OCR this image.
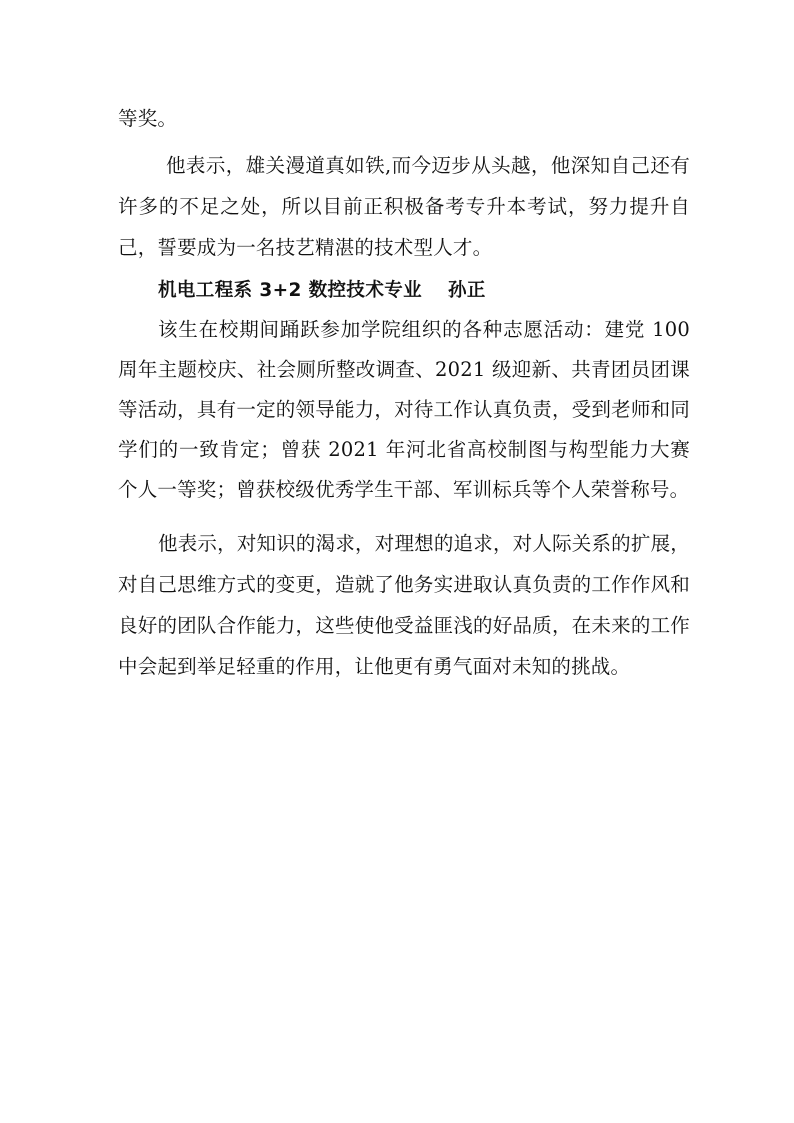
等奖。

他表示，雄关漫道真如铁,而今迈步从头越，他深知自己还有许多的不足之处，所以目前正积极备考专升本考试，努力提升自己，誓要成为一名技艺精湛的技术型人才。

机电工程系 3+2 数控技术专业 孙正

该生在校期间踊跃参加学院组织的各种志愿活动：建党 100 周年主题校庆、社会厕所整改调查、2021 级迎新、共青团员团课等活动，具有一定的领导能力，对待工作认真负责，受到老师和同学们的一致肯定；曾获 2021 年河北省高校制图与构型能力大赛个人一等奖；曾获校级优秀学生干部、军训标兵等个人荣誉称号。

他表示，对知识的渴求，对理想的追求，对人际关系的扩展，对自己思维方式的变更，造就了他务实进取认真负责的工作作风和良好的团队合作能力，这些使他受益匪浅的好品质，在未来的工作中会起到举足轻重的作用，让他更有勇气面对未知的挑战。
